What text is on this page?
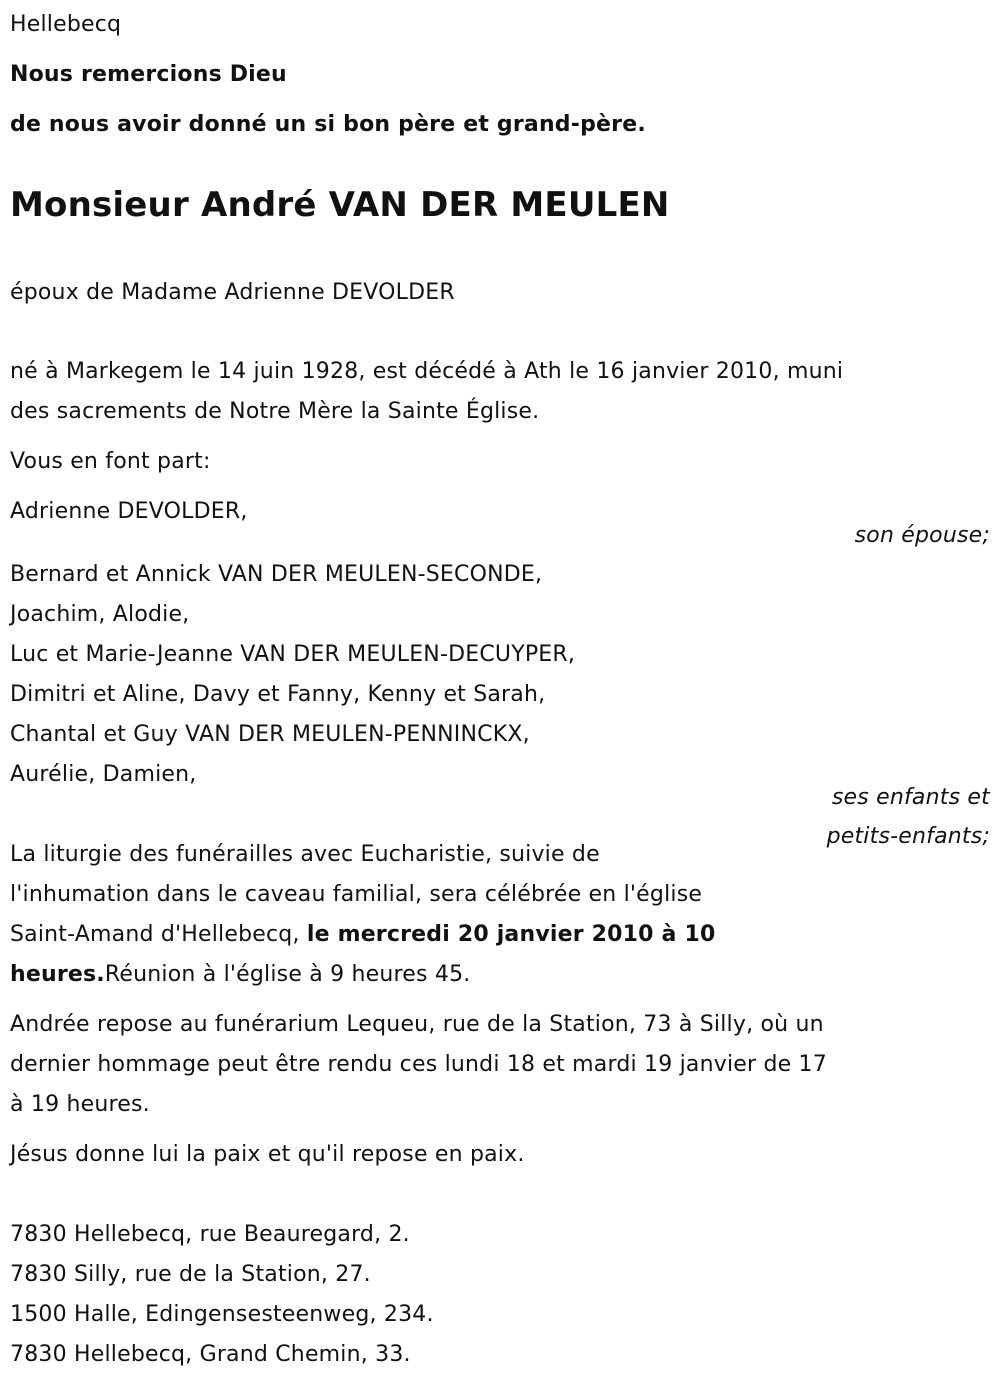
Hellebecq
Nous remercions Dieu
de nous avoir donné un si bon père et grand-père.
Monsieur André VAN DER MEULEN
époux de Madame Adrienne DEVOLDER
né à Markegem le 14 juin 1928, est décédé à Ath le 16 janvier 2010, muni
des sacrements de Notre Mère la Sainte Église.
Vous en font part:
Adrienne DEVOLDER,
son épouse;
Bernard et Annick VAN DER MEULEN-SECONDE,
Joachim, Alodie,
Luc et Marie-Jeanne VAN DER MEULEN-DECUYPER,
Dimitri et Aline, Davy et Fanny, Kenny et Sarah,
Chantal et Guy VAN DER MEULEN-PENNINCKX,
Aurélie, Damien,
ses enfants et
petits-enfants;
La liturgie des funérailles avec Eucharistie, suivie de
l'inhumation dans le caveau familial, sera célébrée en l'église
Saint-Amand d'Hellebecq, le mercredi 20 janvier 2010 à 10
heures.Réunion à l'église à 9 heures 45.
Andrée repose au funérarium Lequeu, rue de la Station, 73 à Silly, où un
dernier hommage peut être rendu ces lundi 18 et mardi 19 janvier de 17
à 19 heures.
Jésus donne lui la paix et qu'il repose en paix.
7830 Hellebecq, rue Beauregard, 2.
7830 Silly, rue de la Station, 27.
1500 Halle, Edingensesteenweg, 234.
7830 Hellebecq, Grand Chemin, 33.
